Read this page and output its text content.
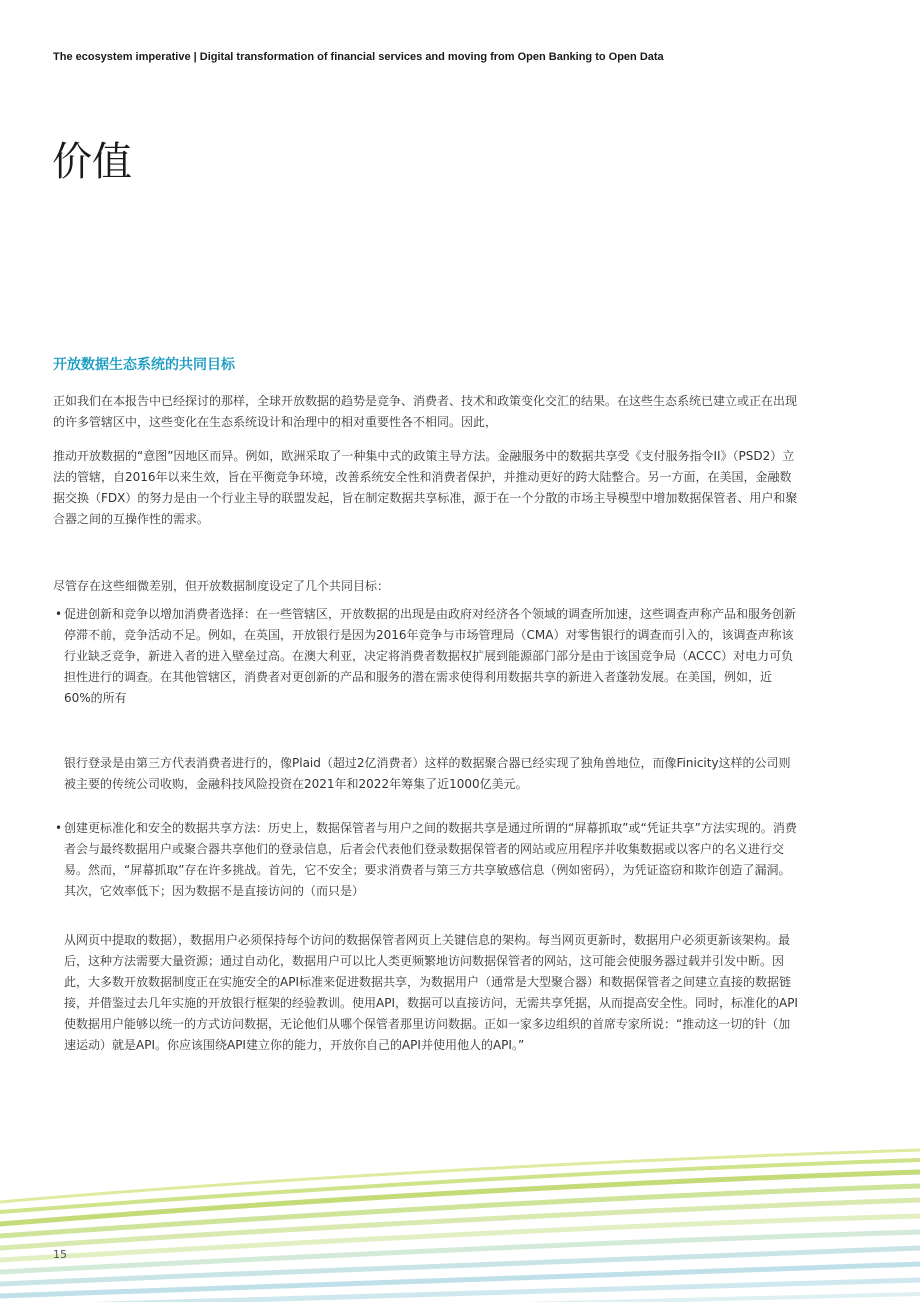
The ecosystem imperative | Digital transformation of financial services and moving from Open Banking to Open Data
价值
开放数据生态系统的共同目标

正如我们在本报告中已经探讨的那样，全球开放数据的趋势是竞争、消费者、技术和政策变化交汇的结果。在这些生态系统已建立或正在出现的许多管辖区中，这些变化在生态系统设计和治理中的相对重要性各不相同。因此，

推动开放数据的“意图”因地区而异。例如，欧洲采取了一种集中式的政策主导方法。金融服务中的数据共享受《支付服务指令II》（PSD2）立法的管辖，自2016年以来生效，旨在平衡竞争环境，改善系统安全性和消费者保护，并推动更好的跨大陆整合。另一方面，在美国，金融数据交换（FDX）的努力是由一个行业主导的联盟发起，旨在制定数据共享标准，源于在一个分散的市场主导模型中增加数据保管者、用户和聚合器之间的互操作性的需求。

尽管存在这些细微差别，但开放数据制度设定了几个共同目标：

• 促进创新和竞争以增加消费者选择：在一些管辖区，开放数据的出现是由政府对经济各个领域的调查所加速，这些调查声称产品和服务创新停滞不前，竞争活动不足。例如，在英国，开放银行是因为2016年竞争与市场管理局（CMA）对零售银行的调查而引入的，该调查声称该行业缺乏竞争，新进入者的进入壁垒过高。在澳大利亚，决定将消费者数据权扩展到能源部门部分是由于该国竞争局（ACCC）对电力可负担性进行的调查。在其他管辖区，消费者对更创新的产品和服务的潜在需求使得利用数据共享的新进入者蓬勃发展。在美国，例如，近60%的所有

银行登录是由第三方代表消费者进行的，像Plaid（超过2亿消费者）这样的数据聚合器已经实现了独角兽地位，而像Finicity这样的公司则被主要的传统公司收购，金融科技风险投资在2021年和2022年筹集了近1000亿美元。

• 创建更标准化和安全的数据共享方法：历史上，数据保管者与用户之间的数据共享是通过所谓的“屏幕抓取”或“凭证共享”方法实现的。消费者会与最终数据用户或聚合器共享他们的登录信息，后者会代表他们登录数据保管者的网站或应用程序并收集数据或以客户的名义进行交易。然而，“屏幕抓取”存在许多挑战。首先，它不安全；要求消费者与第三方共享敏感信息（例如密码），为凭证盗窃和欺诈创造了漏洞。其次，它效率低下；因为数据不是直接访问的（而只是）

从网页中提取的数据），数据用户必须保持每个访问的数据保管者网页上关键信息的架构。每当网页更新时，数据用户必须更新该架构。最后，这种方法需要大量资源；通过自动化，数据用户可以比人类更频繁地访问数据保管者的网站，这可能会使服务器过载并引发中断。因此，大多数开放数据制度正在实施安全的API标准来促进数据共享，为数据用户（通常是大型聚合器）和数据保管者之间建立直接的数据链接，并借鉴过去几年实施的开放银行框架的经验教训。使用API，数据可以直接访问，无需共享凭据，从而提高安全性。同时，标准化的API使数据用户能够以统一的方式访问数据，无论他们从哪个保管者那里访问数据。正如一家多边组织的首席专家所说：“推动这一切的针（加速运动）就是API。你应该围绕API建立你的能力，开放你自己的API并使用他人的API。”

15
